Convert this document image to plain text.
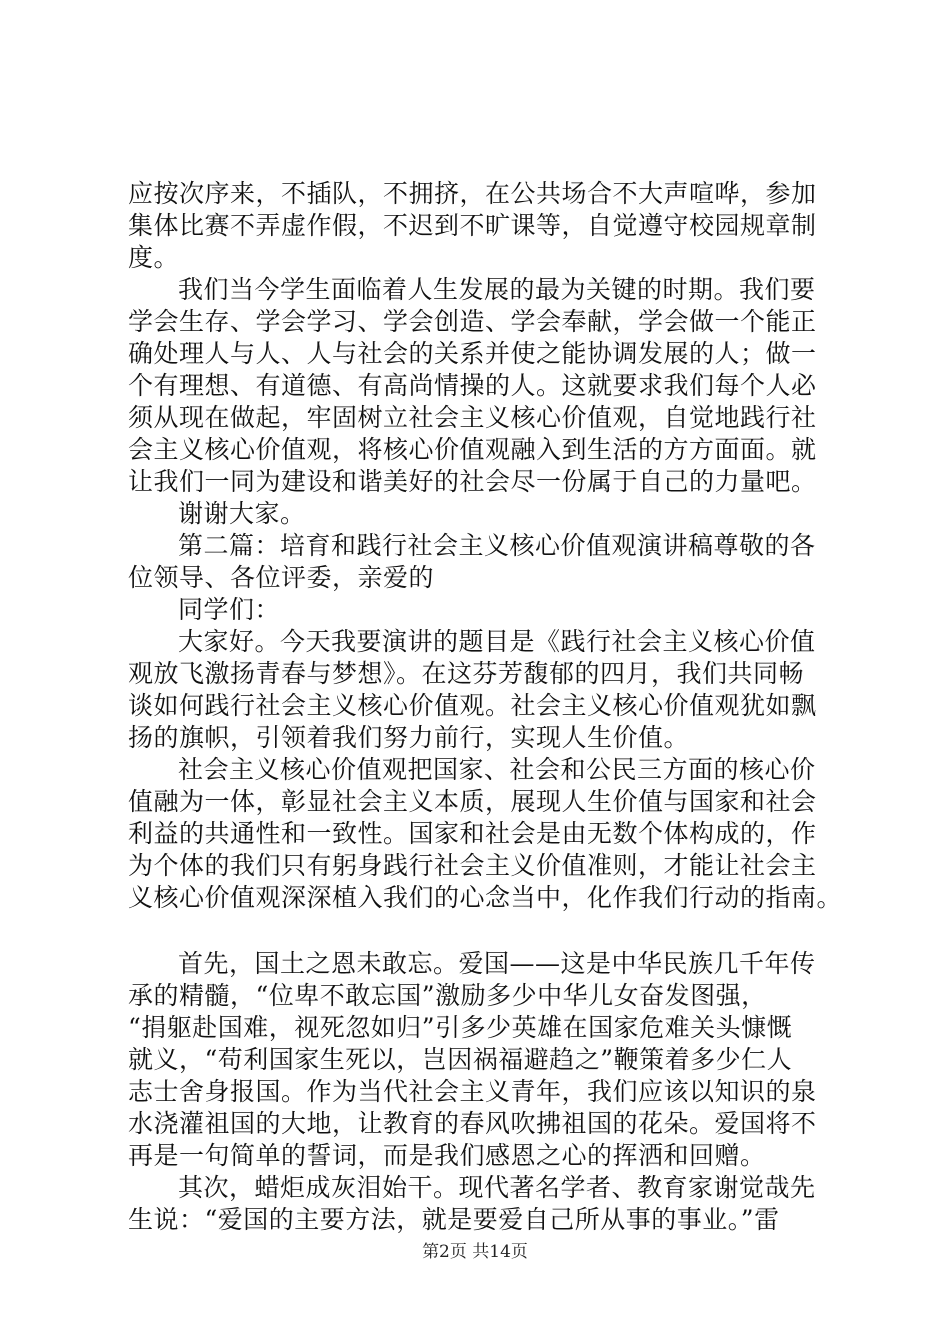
应按次序来，不插队，不拥挤，在公共场合不大声喧哗，参加
集体比赛不弄虚作假，不迟到不旷课等，自觉遵守校园规章制
度。
我们当今学生面临着人生发展的最为关键的时期。我们要
学会生存、学会学习、学会创造、学会奉献，学会做一个能正
确处理人与人、人与社会的关系并使之能协调发展的人；做一
个有理想、有道德、有高尚情操的人。这就要求我们每个人必
须从现在做起，牢固树立社会主义核心价值观，自觉地践行社
会主义核心价值观，将核心价值观融入到生活的方方面面。就
让我们一同为建设和谐美好的社会尽一份属于自己的力量吧。
谢谢大家。
第二篇：培育和践行社会主义核心价值观演讲稿尊敬的各
位领导、各位评委，亲爱的
同学们：
大家好。今天我要演讲的题目是《践行社会主义核心价值
观放飞激扬青春与梦想》。在这芬芳馥郁的四月，我们共同畅
谈如何践行社会主义核心价值观。社会主义核心价值观犹如飘
扬的旗帜，引领着我们努力前行，实现人生价值。
社会主义核心价值观把国家、社会和公民三方面的核心价
值融为一体，彰显社会主义本质，展现人生价值与国家和社会
利益的共通性和一致性。国家和社会是由无数个体构成的，作
为个体的我们只有躬身践行社会主义价值准则，才能让社会主
义核心价值观深深植入我们的心念当中，化作我们行动的指南。
首先，国土之恩未敢忘。爱国——这是中华民族几千年传
承的精髓，“位卑不敢忘国”激励多少中华儿女奋发图强，
“捐躯赴国难，视死忽如归”引多少英雄在国家危难关头慷慨
就义，“苟利国家生死以，岂因祸福避趋之”鞭策着多少仁人
志士舍身报国。作为当代社会主义青年，我们应该以知识的泉
水浇灌祖国的大地，让教育的春风吹拂祖国的花朵。爱国将不
再是一句简单的誓词，而是我们感恩之心的挥洒和回赠。
其次，蜡炬成灰泪始干。现代著名学者、教育家谢觉哉先
生说：“爱国的主要方法，就是要爱自己所从事的事业。”雷
第2页 共14页
